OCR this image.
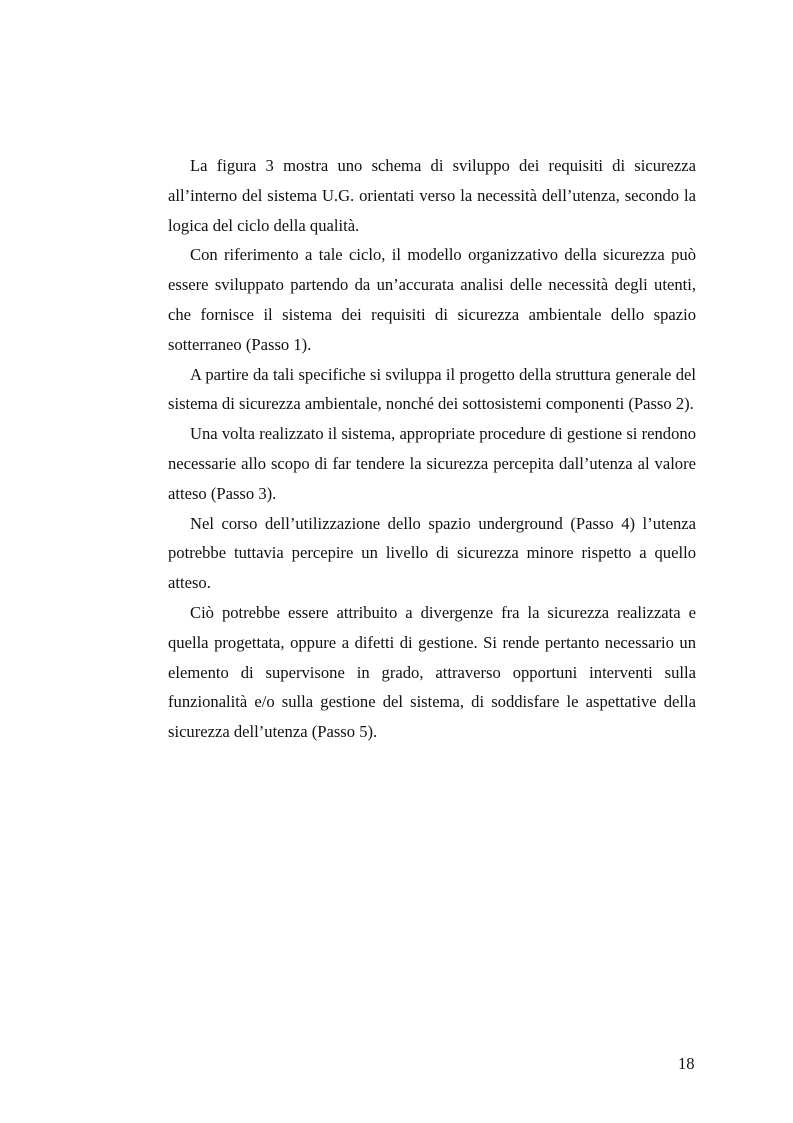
La figura 3 mostra uno schema di sviluppo dei requisiti di sicurezza all’interno del sistema U.G. orientati verso la necessità dell’utenza, secondo la logica del ciclo della qualità.

Con riferimento a tale ciclo, il modello organizzativo della sicurezza può essere sviluppato partendo da un’accurata analisi delle necessità degli utenti, che fornisce il sistema dei requisiti di sicurezza ambientale dello spazio sotterraneo (Passo 1).

A partire da tali specifiche si sviluppa il progetto della struttura generale del sistema di sicurezza ambientale, nonché dei sottosistemi componenti (Passo 2).

Una volta realizzato il sistema, appropriate procedure di gestione si rendono necessarie allo scopo di far tendere la sicurezza percepita dall’utenza al valore atteso (Passo 3).

Nel corso dell’utilizzazione dello spazio underground (Passo 4) l’utenza potrebbe tuttavia percepire un livello di sicurezza minore rispetto a quello atteso.

Ciò potrebbe essere attribuito a divergenze fra la sicurezza realizzata e quella progettata, oppure a difetti di gestione. Si rende pertanto necessario un elemento di supervisone in grado, attraverso opportuni interventi sulla funzionalità e/o sulla gestione del sistema, di soddisfare le aspettative della sicurezza dell’utenza (Passo 5).

18
